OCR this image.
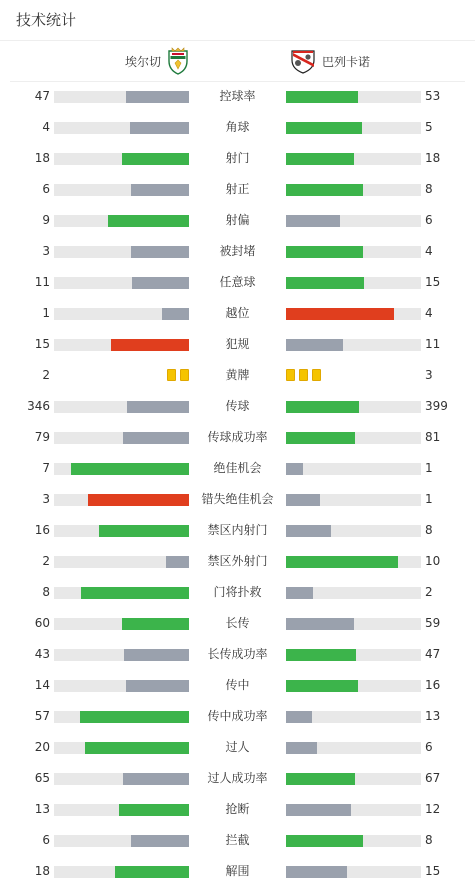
技术统计
埃尔切	巴列卡诺
47	控球率	53
4	角球	5
18	射门	18
6	射正	8
9	射偏	6
3	被封堵	4
11	任意球	15
1	越位	4
15	犯规	11
2	黄牌	3
346	传球	399
79	传球成功率	81
7	绝佳机会	1
3	错失绝佳机会	1
16	禁区内射门	8
2	禁区外射门	10
8	门将扑救	2
60	长传	59
43	长传成功率	47
14	传中	16
57	传中成功率	13
20	过人	6
65	过人成功率	67
13	抢断	12
6	拦截	8
18	解围	15
